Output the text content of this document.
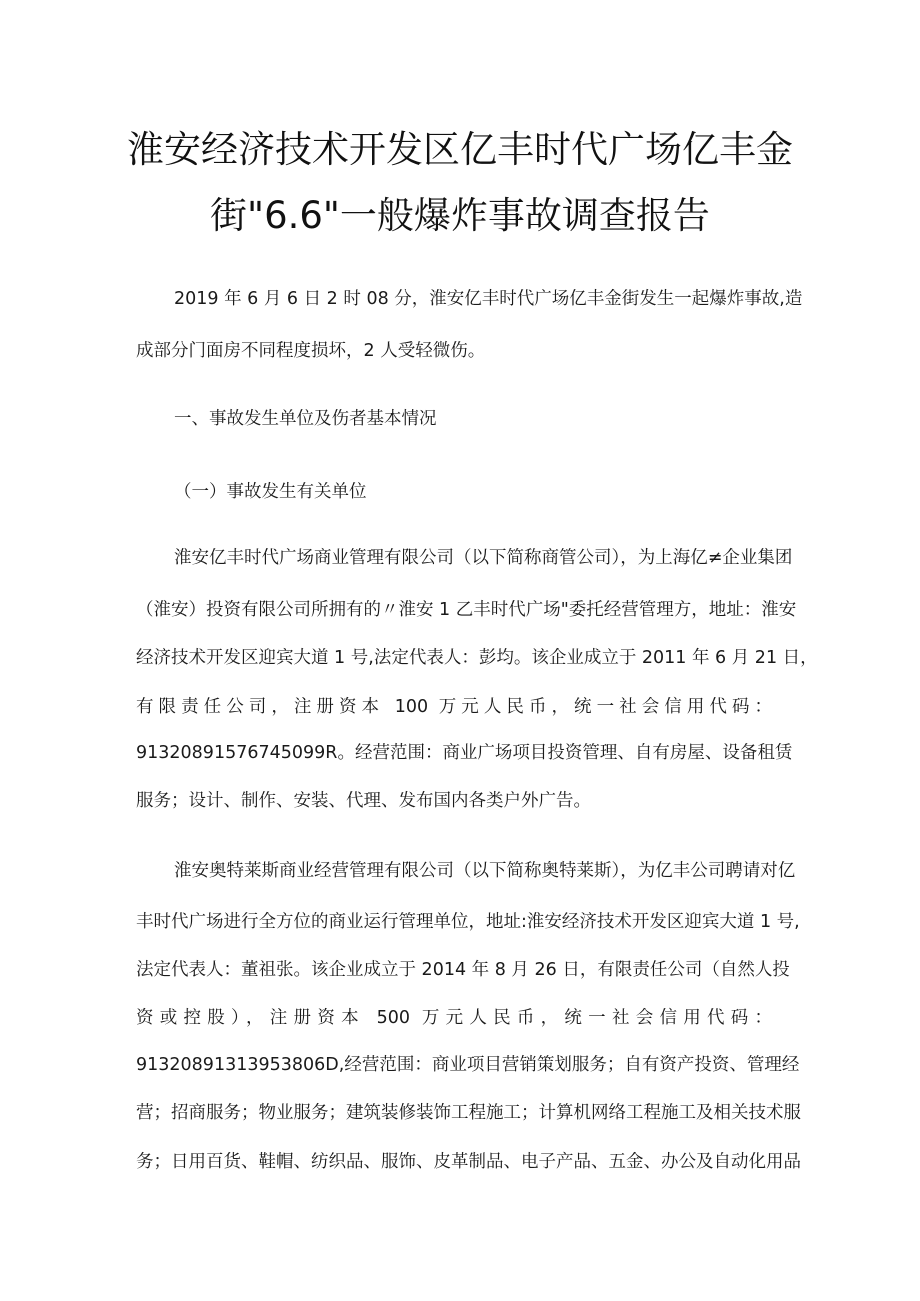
淮安经济技术开发区亿丰时代广场亿丰金
街"6.6"一般爆炸事故调查报告
2019 年 6 月 6 日 2 时 08 分，淮安亿丰时代广场亿丰金街发生一起爆炸事故,造
成部分门面房不同程度损坏，2 人受轻微伤。
一、事故发生单位及伤者基本情况
（一）事故发生有关单位
淮安亿丰时代广场商业管理有限公司（以下简称商管公司），为上海亿≠企业集团
（淮安）投资有限公司所拥有的〃淮安 1 乙丰时代广场"委托经营管理方，地址：淮安
经济技术开发区迎宾大道 1 号,法定代表人：彭均。该企业成立于 2011 年 6 月 21 日，
有限责任公司，注册资本 100 万元人民币，统一社会信用代码：
913208915767450​99R。经营范围：商业广场项目投资管理、自有房屋、设备租赁
服务；设计、制作、安装、代理、发布国内各类户外广告。
淮安奥特莱斯商业经营管理有限公司（以下简称奥特莱斯），为亿丰公司聘请对亿
丰时代广场进行全方位的商业运行管理单位，地址:淮安经济技术开发区迎宾大道 1 号,
法定代表人：董祖张。该企业成立于 2014 年 8 月 26 日，有限责任公司（自然人投
资或控股），注册资本 500 万元人民币，统一社会信用代码：
91320891313953806D,经营范围：商业项目营销策划服务；自有资产投资、管理经
营；招商服务；物业服务；建筑装修装饰工程施工；计算机网络工程施工及相关技术服
务；日用百货、鞋帽、纺织品、服饰、皮革制品、电子产品、五金、办公及自动化用品
